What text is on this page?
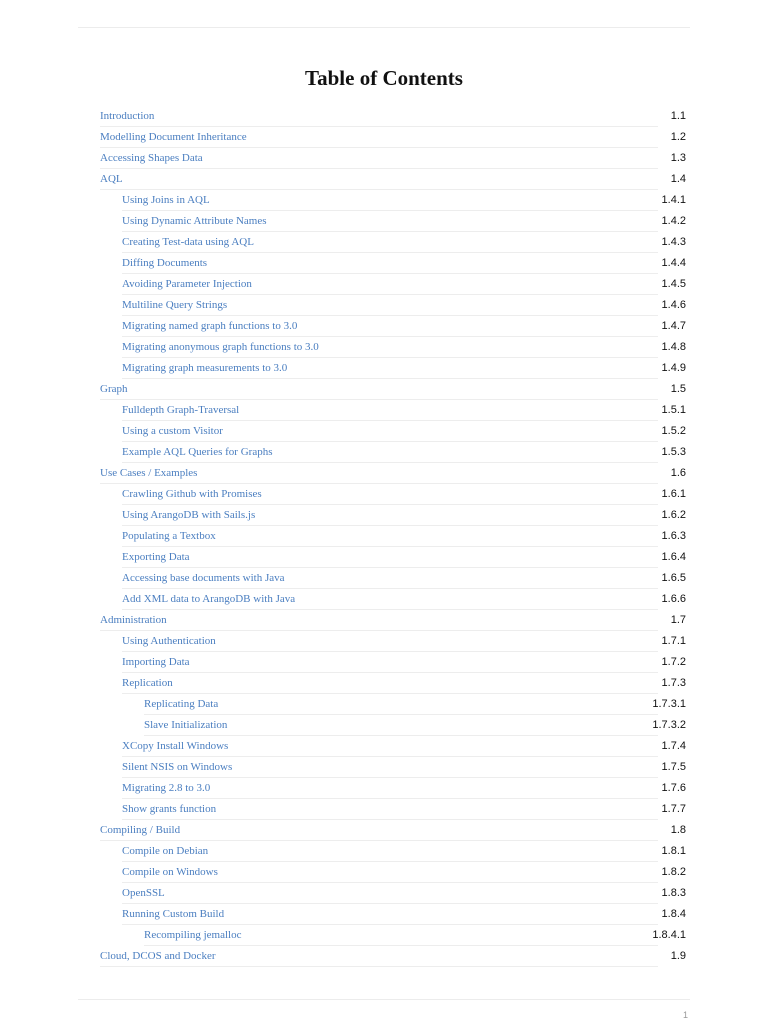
Table of Contents
Introduction	1.1
Modelling Document Inheritance	1.2
Accessing Shapes Data	1.3
AQL	1.4
Using Joins in AQL	1.4.1
Using Dynamic Attribute Names	1.4.2
Creating Test-data using AQL	1.4.3
Diffing Documents	1.4.4
Avoiding Parameter Injection	1.4.5
Multiline Query Strings	1.4.6
Migrating named graph functions to 3.0	1.4.7
Migrating anonymous graph functions to 3.0	1.4.8
Migrating graph measurements to 3.0	1.4.9
Graph	1.5
Fulldepth Graph-Traversal	1.5.1
Using a custom Visitor	1.5.2
Example AQL Queries for Graphs	1.5.3
Use Cases / Examples	1.6
Crawling Github with Promises	1.6.1
Using ArangoDB with Sails.js	1.6.2
Populating a Textbox	1.6.3
Exporting Data	1.6.4
Accessing base documents with Java	1.6.5
Add XML data to ArangoDB with Java	1.6.6
Administration	1.7
Using Authentication	1.7.1
Importing Data	1.7.2
Replication	1.7.3
Replicating Data	1.7.3.1
Slave Initialization	1.7.3.2
XCopy Install Windows	1.7.4
Silent NSIS on Windows	1.7.5
Migrating 2.8 to 3.0	1.7.6
Show grants function	1.7.7
Compiling / Build	1.8
Compile on Debian	1.8.1
Compile on Windows	1.8.2
OpenSSL	1.8.3
Running Custom Build	1.8.4
Recompiling jemalloc	1.8.4.1
Cloud, DCOS and Docker	1.9
1
